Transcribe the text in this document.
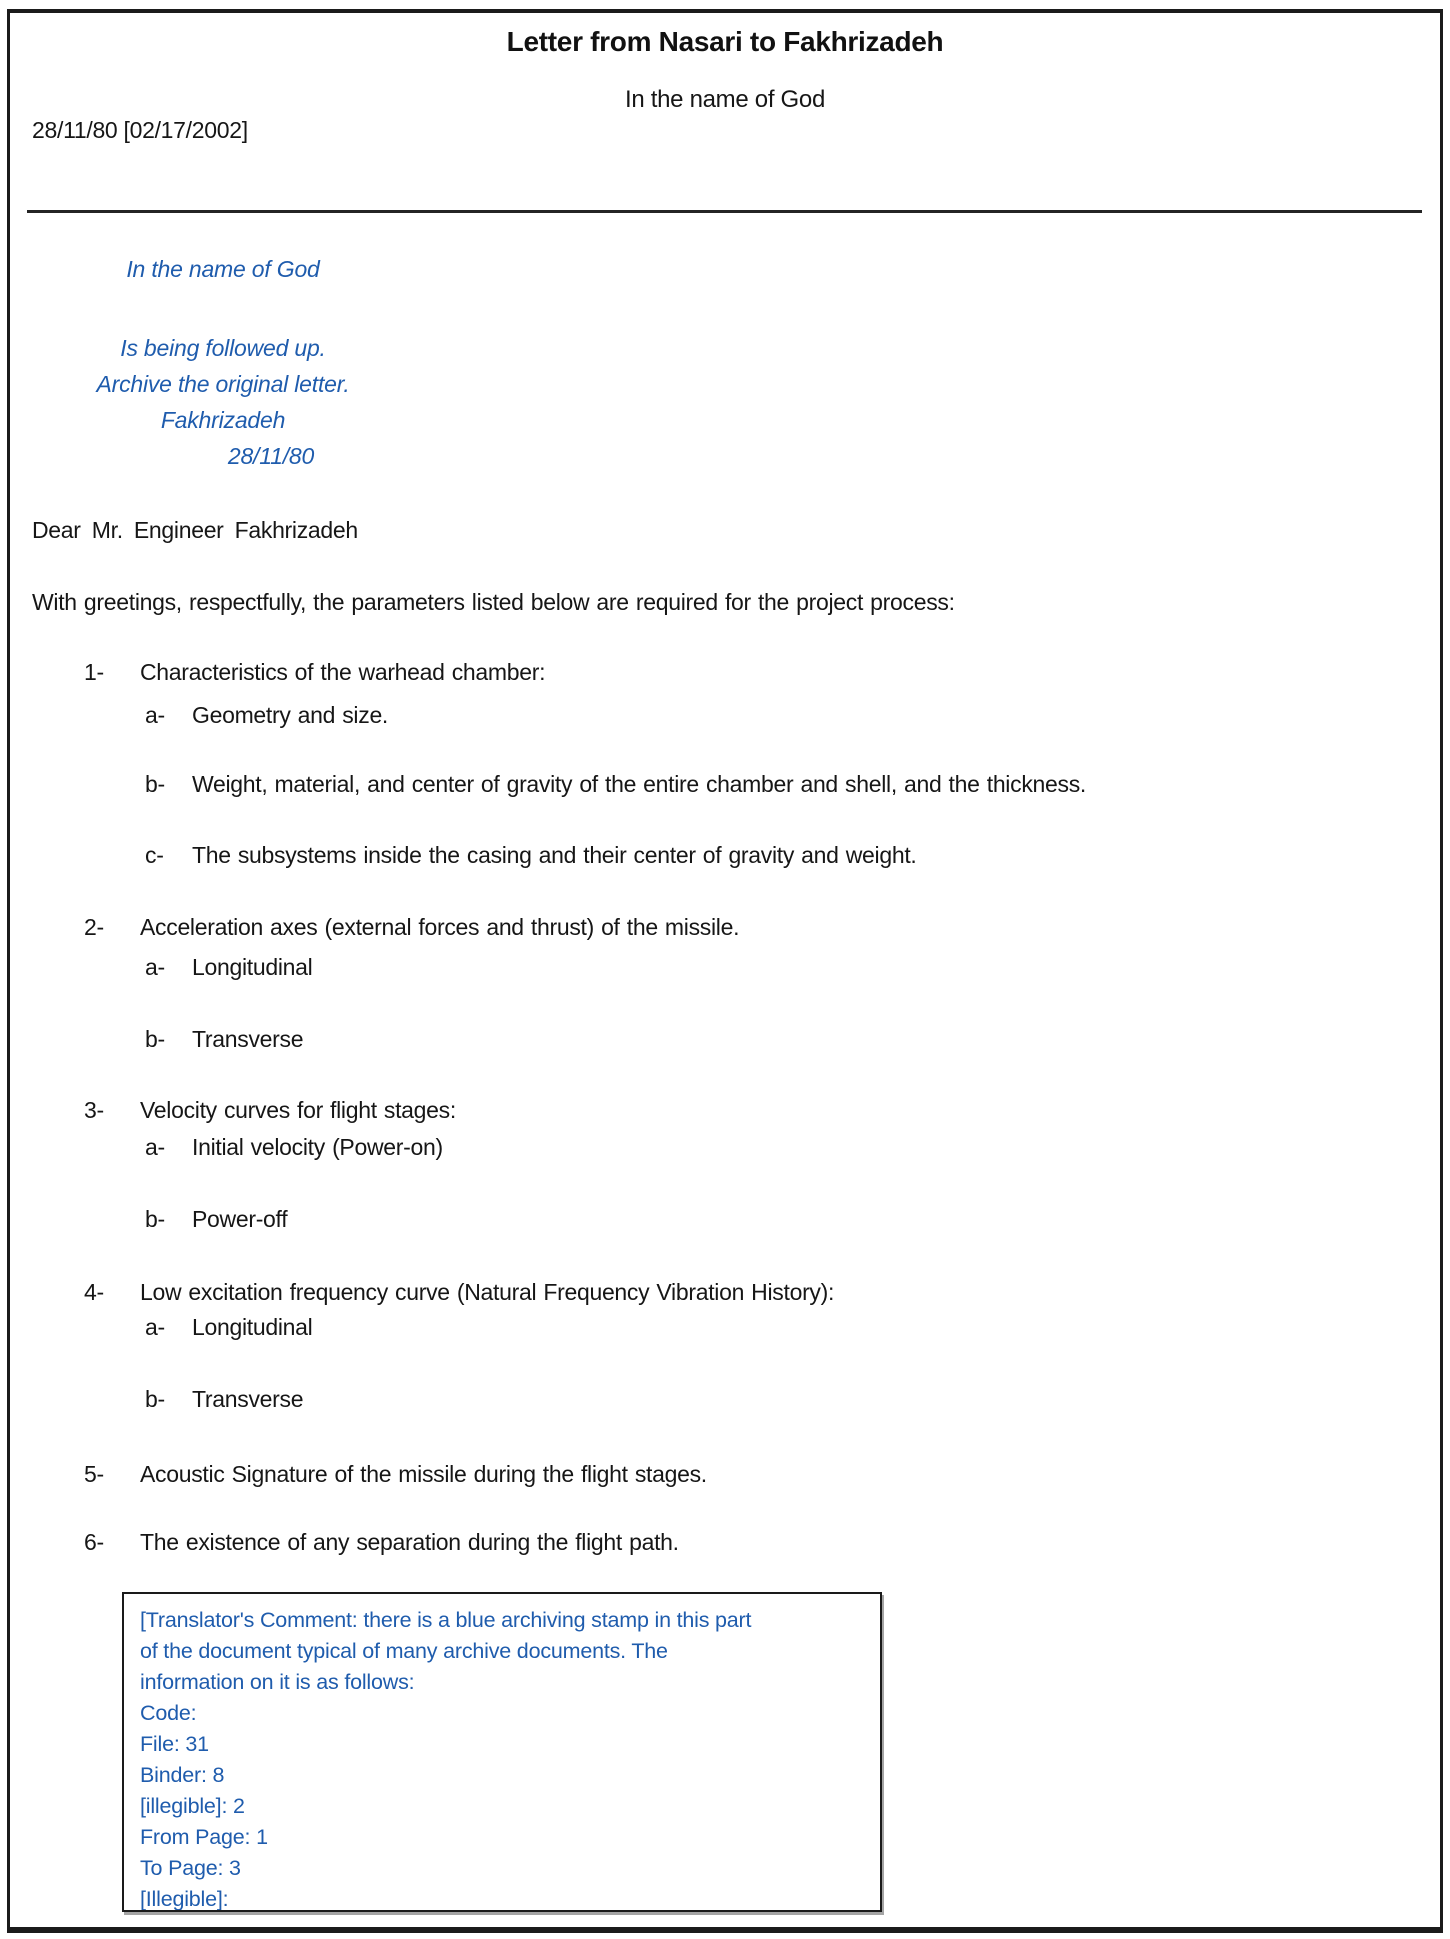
Letter from Nasari to Fakhrizadeh
In the name of God
28/11/80 [02/17/2002]
In the name of God
Is being followed up.
Archive the original letter.
Fakhrizadeh
28/11/80
Dear Mr. Engineer Fakhrizadeh
With greetings, respectfully, the parameters listed below are required for the project process:
1-	Characteristics of the warhead chamber:
a-	Geometry and size.
b-	Weight, material, and center of gravity of the entire chamber and shell, and the thickness.
c-	The subsystems inside the casing and their center of gravity and weight.
2-	Acceleration axes (external forces and thrust) of the missile.
a-	Longitudinal
b-	Transverse
3-	Velocity curves for flight stages:
a-	Initial velocity (Power-on)
b-	Power-off
4-	Low excitation frequency curve (Natural Frequency Vibration History):
a-	Longitudinal
b-	Transverse
5-	Acoustic Signature of the missile during the flight stages.
6-	The existence of any separation during the flight path.
[Translator's Comment: there is a blue archiving stamp in this part
of the document typical of many archive documents. The
information on it is as follows:
Code:
File: 31
Binder: 8
[illegible]: 2
From Page: 1
To Page: 3
[Illegible]:
